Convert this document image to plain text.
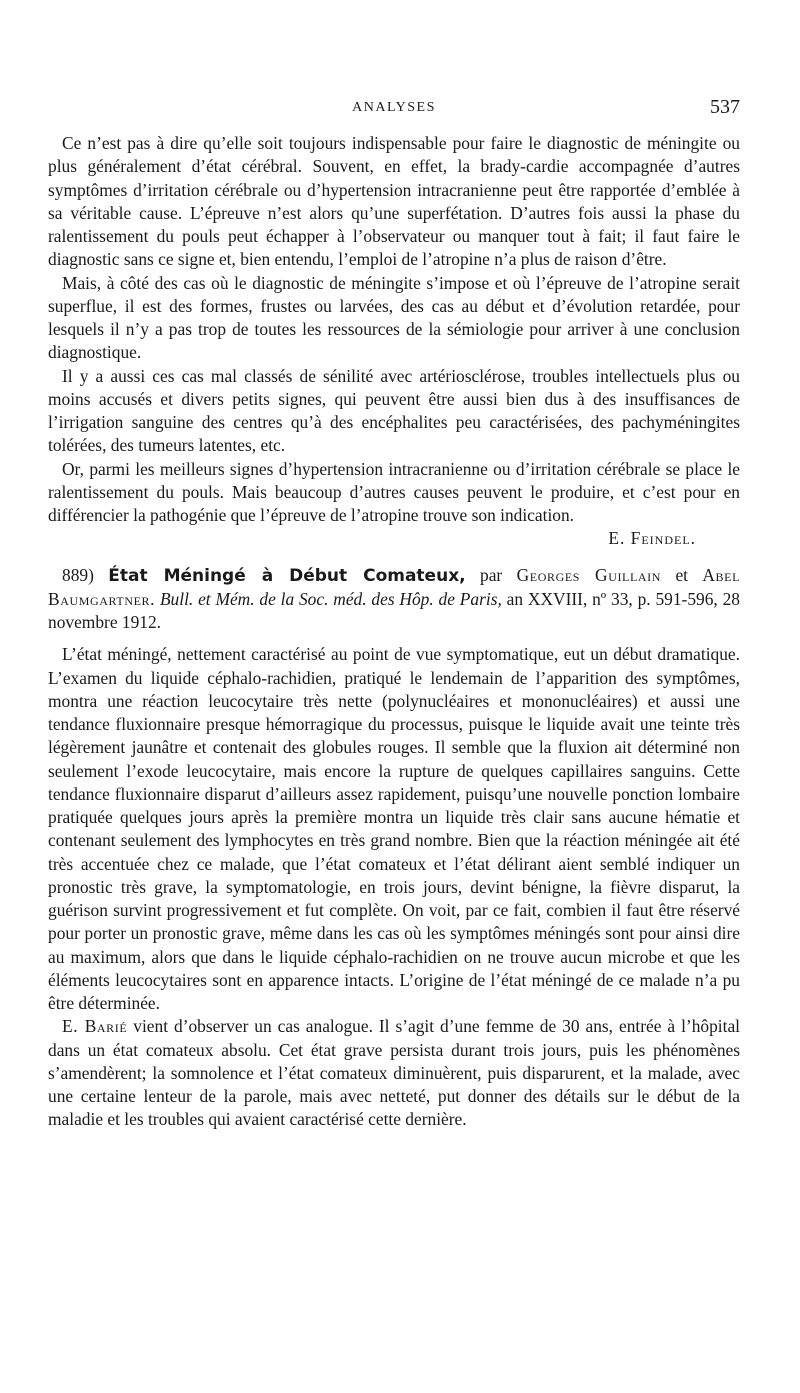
ANALYSES	537

Ce n’est pas à dire qu’elle soit toujours indispensable pour faire le diagnostic de méningite ou plus généralement d’état cérébral. Souvent, en effet, la brady-cardie accompagnée d’autres symptômes d’irritation cérébrale ou d’hypertension intracranienne peut être rapportée d’emblée à sa véritable cause. L’épreuve n’est alors qu’une superfétation. D’autres fois aussi la phase du ralentissement du pouls peut échapper à l’observateur ou manquer tout à fait; il faut faire le diagnostic sans ce signe et, bien entendu, l’emploi de l’atropine n’a plus de raison d’être.

Mais, à côté des cas où le diagnostic de méningite s’impose et où l’épreuve de l’atropine serait superflue, il est des formes, frustes ou larvées, des cas au début et d’évolution retardée, pour lesquels il n’y a pas trop de toutes les ressources de la sémiologie pour arriver à une conclusion diagnostique.

Il y a aussi ces cas mal classés de sénilité avec artériosclérose, troubles intellectuels plus ou moins accusés et divers petits signes, qui peuvent être aussi bien dus à des insuffisances de l’irrigation sanguine des centres qu’à des encéphalites peu caractérisées, des pachyméningites tolérées, des tumeurs latentes, etc.

Or, parmi les meilleurs signes d’hypertension intracranienne ou d’irritation cérébrale se place le ralentissement du pouls. Mais beaucoup d’autres causes peuvent le produire, et c’est pour en différencier la pathogénie que l’épreuve de l’atropine trouve son indication.

E. Feindel.

889) État Méningé à Début Comateux, par Georges Guillain et Abel Baumgartner. Bull. et Mém. de la Soc. méd. des Hôp. de Paris, an XXVIII, nº 33, p. 591-596, 28 novembre 1912.

L’état méningé, nettement caractérisé au point de vue symptomatique, eut un début dramatique. L’examen du liquide céphalo-rachidien, pratiqué le lendemain de l’apparition des symptômes, montra une réaction leucocytaire très nette (polynucléaires et mononucléaires) et aussi une tendance fluxionnaire presque hémorragique du processus, puisque le liquide avait une teinte très légèrement jaunâtre et contenait des globules rouges. Il semble que la fluxion ait déterminé non seulement l’exode leucocytaire, mais encore la rupture de quelques capillaires sanguins. Cette tendance fluxionnaire disparut d’ailleurs assez rapidement, puisqu’une nouvelle ponction lombaire pratiquée quelques jours après la première montra un liquide très clair sans aucune hématie et contenant seulement des lymphocytes en très grand nombre. Bien que la réaction méningée ait été très accentuée chez ce malade, que l’état comateux et l’état délirant aient semblé indiquer un pronostic très grave, la symptomatologie, en trois jours, devint bénigne, la fièvre disparut, la guérison survint progressivement et fut complète. On voit, par ce fait, combien il faut être réservé pour porter un pronostic grave, même dans les cas où les symptômes méningés sont pour ainsi dire au maximum, alors que dans le liquide céphalo-rachidien on ne trouve aucun microbe et que les éléments leucocytaires sont en apparence intacts. L’origine de l’état méningé de ce malade n’a pu être déterminée.

E. Barié vient d’observer un cas analogue. Il s’agit d’une femme de 30 ans, entrée à l’hôpital dans un état comateux absolu. Cet état grave persista durant trois jours, puis les phénomènes s’amendèrent; la somnolence et l’état comateux diminuèrent, puis disparurent, et la malade, avec une certaine lenteur de la parole, mais avec netteté, put donner des détails sur le début de la maladie et les troubles qui avaient caractérisé cette dernière.
